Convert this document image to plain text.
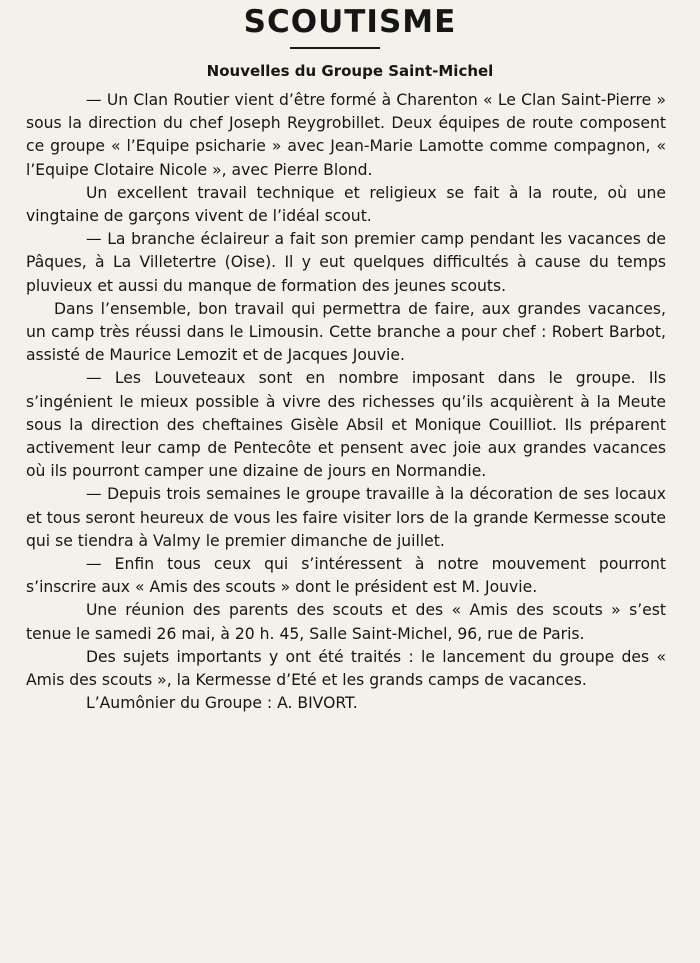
SCOUTISME
Nouvelles du Groupe Saint-Michel

— Un Clan Routier vient d’être formé à Charenton « Le Clan Saint-Pierre » sous la direction du chef Joseph Reygrobillet. Deux équipes de route composent ce groupe « l’Equipe psicharie » avec Jean-Marie Lamotte comme compagnon, « l’Equipe Clotaire Nicole », avec Pierre Blond.

Un excellent travail technique et religieux se fait à la route, où une vingtaine de garçons vivent de l’idéal scout.

— La branche éclaireur a fait son premier camp pendant les vacances de Pâques, à La Villetertre (Oise). Il y eut quelques difficultés à cause du temps pluvieux et aussi du manque de formation des jeunes scouts.

Dans l’ensemble, bon travail qui permettra de faire, aux grandes vacances, un camp très réussi dans le Limousin. Cette branche a pour chef : Robert Barbot, assisté de Maurice Lemozit et de Jacques Jouvie.

— Les Louveteaux sont en nombre imposant dans le groupe. Ils s’ingénient le mieux possible à vivre des richesses qu’ils acquièrent à la Meute sous la direction des cheftaines Gisèle Absil et Monique Couilliot. Ils préparent activement leur camp de Pentecôte et pensent avec joie aux grandes vacances où ils pourront camper une dizaine de jours en Normandie.

— Depuis trois semaines le groupe travaille à la décoration de ses locaux et tous seront heureux de vous les faire visiter lors de la grande Kermesse scoute qui se tiendra à Valmy le premier dimanche de juillet.

— Enfin tous ceux qui s’intéressent à notre mouvement pourront s’inscrire aux « Amis des scouts » dont le président est M. Jouvie.

Une réunion des parents des scouts et des « Amis des scouts » s’est tenue le samedi 26 mai, à 20 h. 45, Salle Saint-Michel, 96, rue de Paris.

Des sujets importants y ont été traités : le lancement du groupe des « Amis des scouts », la Kermesse d’Eté et les grands camps de vacances.

L’Aumônier du Groupe : A. BIVORT.
